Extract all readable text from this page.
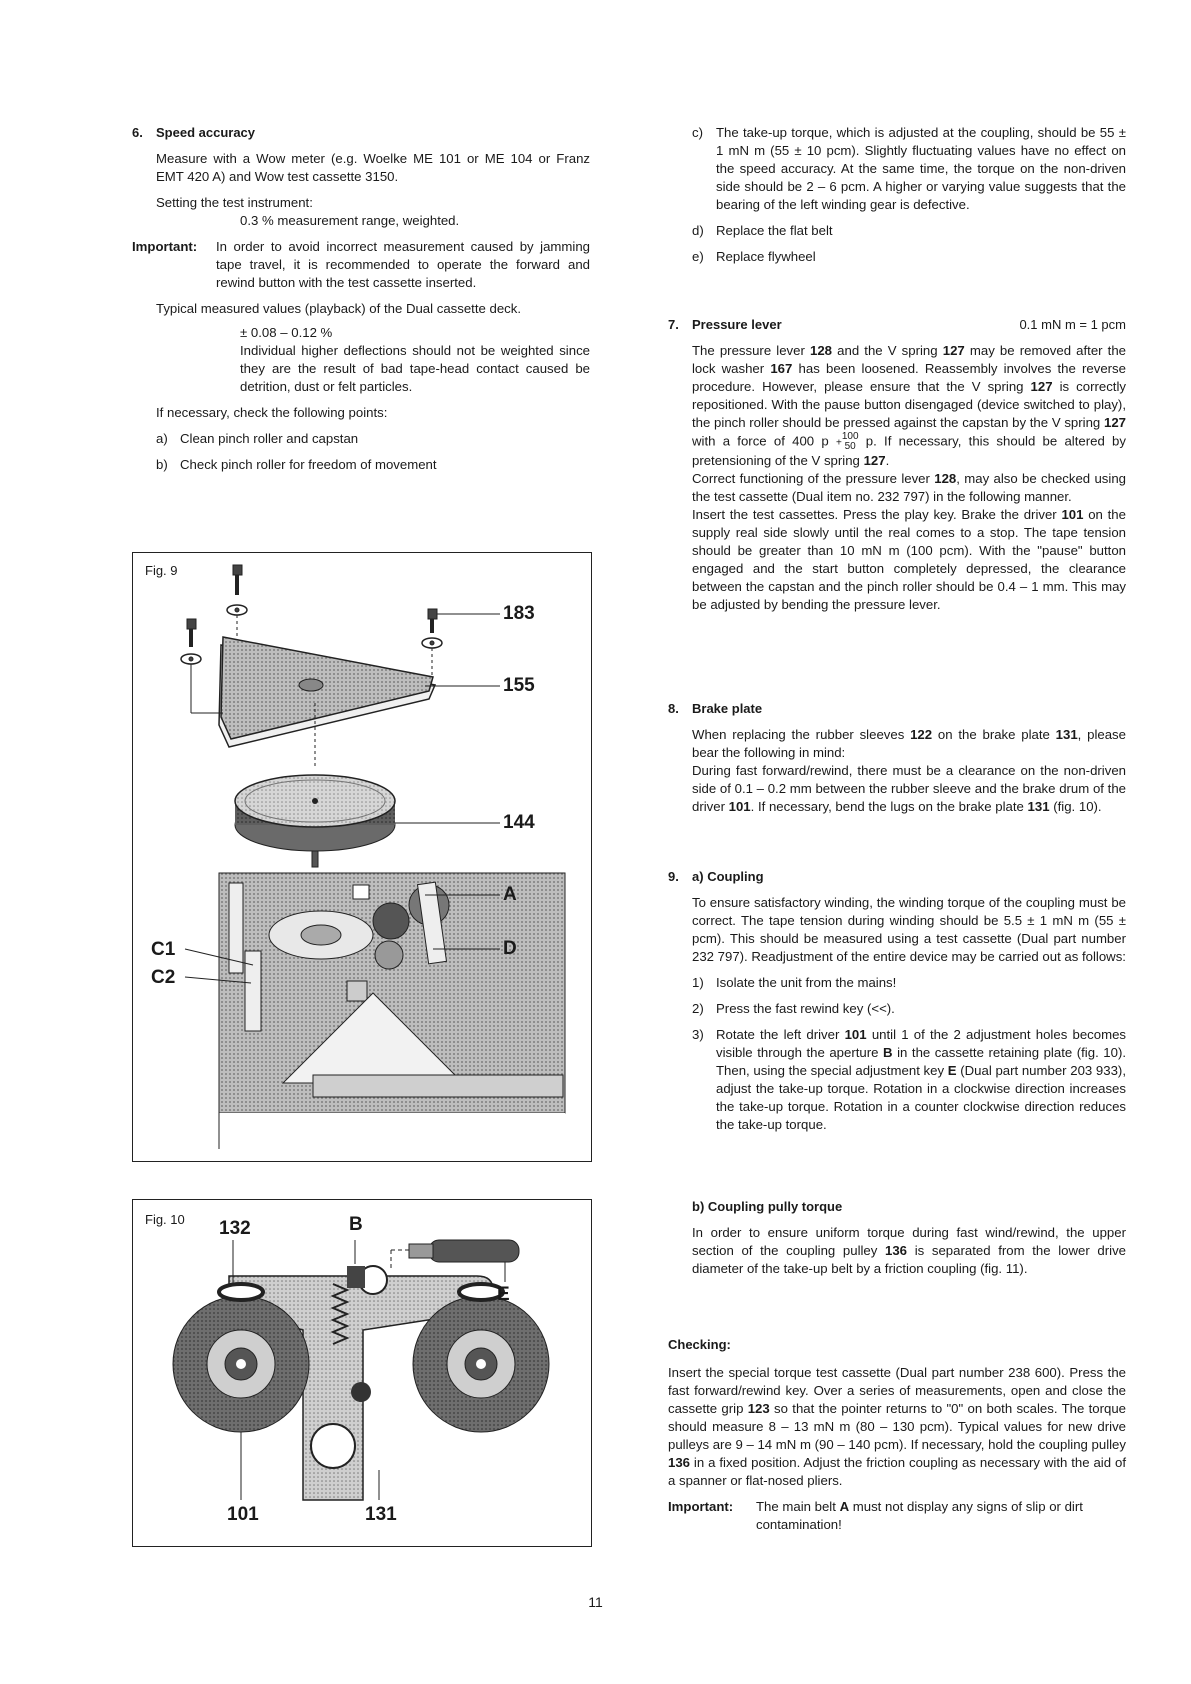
6. Speed accuracy

Measure with a Wow meter (e.g. Woelke ME 101 or ME 104 or Franz EMT 420 A) and Wow test cassette 3150.

Setting the test instrument:

0.3 % measurement range, weighted.

Important:	In order to avoid incorrect measurement caused by jamming tape travel, it is recommended to operate the forward and rewind button with the test cassette inserted.

Typical measured values (playback) of the Dual cassette deck.

± 0.08 – 0.12 %

Individual higher deflections should not be weighted since they are the result of bad tape-head contact caused be detrition, dust or felt particles.

If necessary, check the following points:

a) Clean pinch roller and capstan
b) Check pinch roller for freedom of movement
Fig. 9
183
155
144
A
D
C1
C2
Fig. 10 132	B
E
101	131
c) The take-up torque, which is adjusted at the coupling, should be 55 ± 1 mN m (55 ± 10 pcm). Slightly fluctuating values have no effect on the speed accuracy. At the same time, the torque on the non-driven side should be 2 – 6 pcm. A higher or varying value suggests that the bearing of the left winding gear is defective.
d) Replace the flat belt
e) Replace flywheel
7. Pressure lever	0.1 mN m = 1 pcm

The pressure lever 128 and the V spring 127 may be removed after the lock washer 167 has been loosened. Reassembly involves the reverse procedure. However, please ensure that the V spring 127 is correctly repositioned. With the pause button disengaged (device switched to play), the pinch roller should be pressed against the capstan by the V spring 127 with a force of 400 p +
100
50 p. If necessary, this should be altered by pretensioning of the V spring 127.

Correct functioning of the pressure lever 128, may also be checked using the test cassette (Dual item no. 232 797) in the following manner.

Insert the test cassettes. Press the play key. Brake the driver 101 on the supply real side slowly until the real comes to a stop. The tape tension should be greater than 10 mN m (100 pcm). With the "pause" button engaged and the start button completely depressed, the clearance between the capstan and the pinch roller should be 0.4 – 1 mm. This may be adjusted by bending the pressure lever.

8. Brake plate

When replacing the rubber sleeves 122 on the brake plate 131, please bear the following in mind:

During fast forward/rewind, there must be a clearance on the non-driven side of 0.1 – 0.2 mm between the rubber sleeve and the brake drum of the driver 101. If necessary, bend the lugs on the brake plate 131 (fig. 10).

9. a) Coupling

To ensure satisfactory winding, the winding torque of the coupling must be correct. The tape tension during winding should be 5.5 ± 1 mN m (55 ± pcm). This should be measured using a test cassette (Dual part number 232 797). Readjustment of the entire device may be carried out as follows:

1) Isolate the unit from the mains!
2) Press the fast rewind key (<<).
3) Rotate the left driver 101 until 1 of the 2 adjustment holes becomes visible through the aperture B in the cassette retaining plate (fig. 10). Then, using the special adjustment key E (Dual part number 203 933), adjust the take-up torque. Rotation in a clockwise direction increases the take-up torque. Rotation in a counter clockwise direction reduces the take-up torque.
b) Coupling pully torque

In order to ensure uniform torque during fast wind/rewind, the upper section of the coupling pulley 136 is separated from the lower drive diameter of the take-up belt by a friction coupling (fig. 11).

Checking:

Insert the special torque test cassette (Dual part number 238 600). Press the fast forward/rewind key. Over a series of measurements, open and close the cassette grip 123 so that the pointer returns to "0" on both scales. The torque should measure 8 – 13 mN m (80 – 130 pcm). Typical values for new drive pulleys are 9 – 14 mN m (90 – 140 pcm). If necessary, hold the coupling pulley 136 in a fixed position. Adjust the friction coupling as necessary with the aid of a spanner or flat-nosed pliers.

Important:	The main belt A must not display any signs of slip or dirt contamination!
11
